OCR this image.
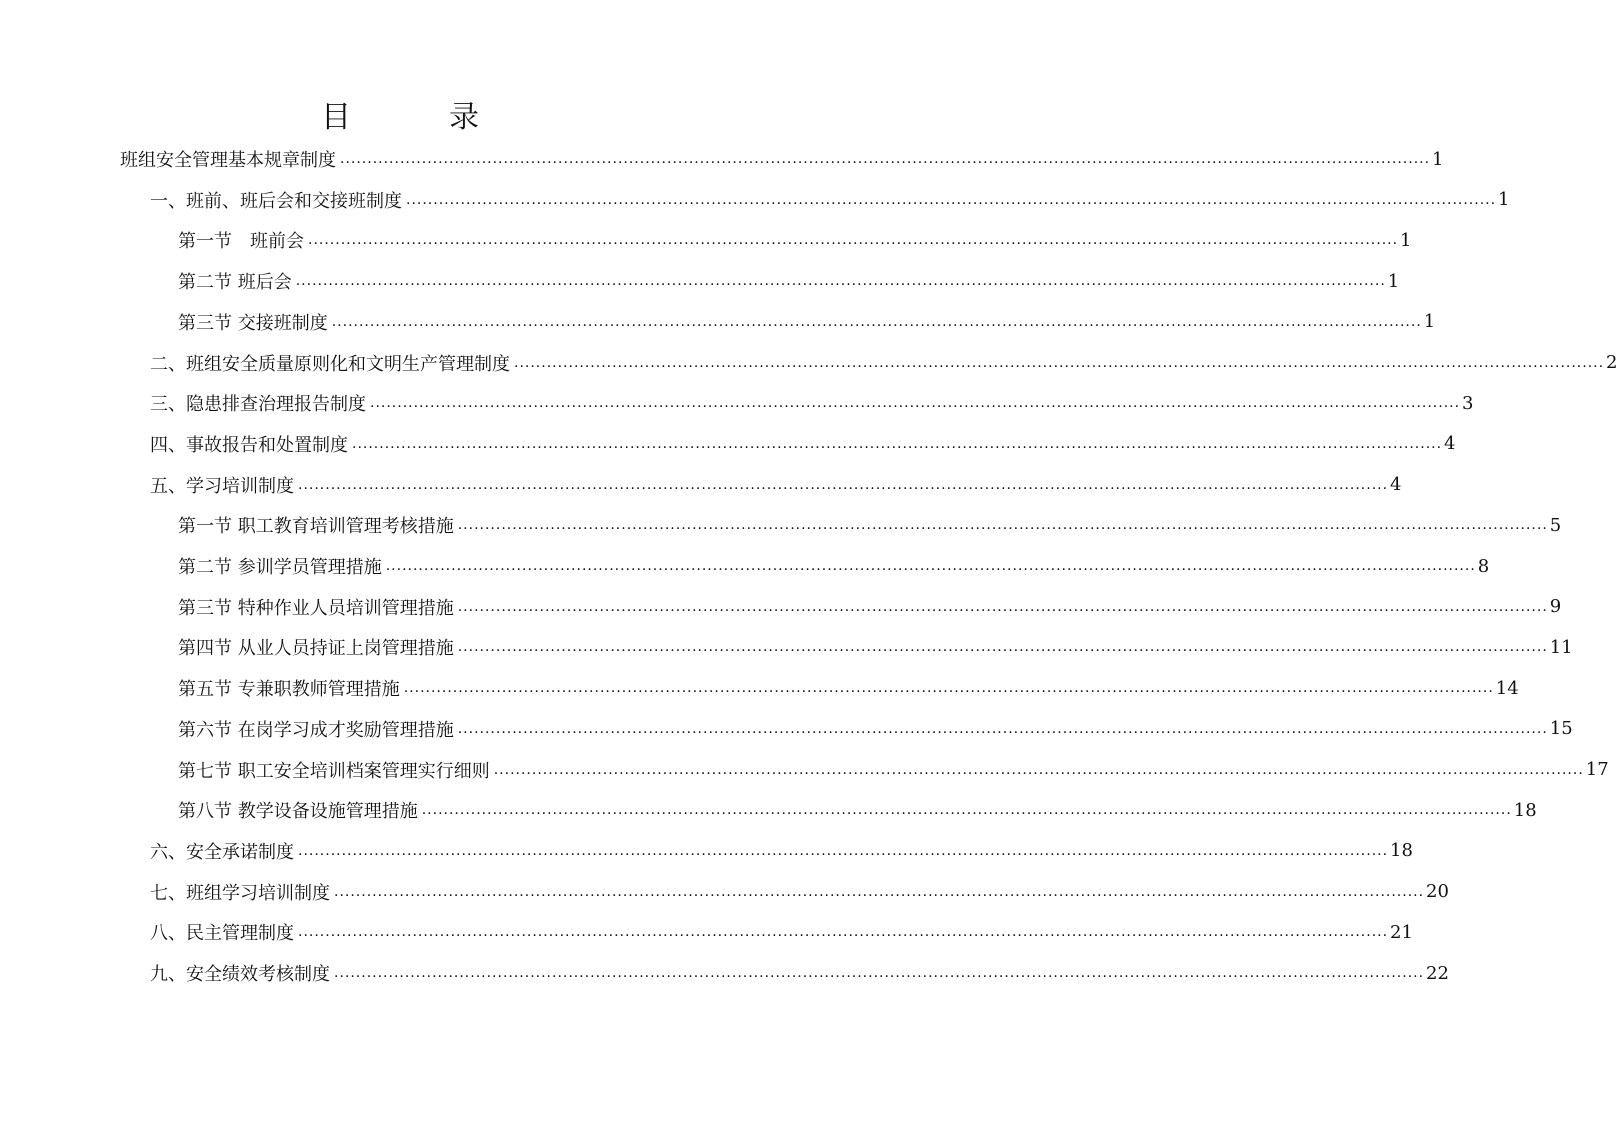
目　录
班组安全管理基本规章制度 ........................................................................................................................................................................................................ 1
一、班前、班后会和交接班制度 ........................................................................................................................................................................................................ 1
第一节　班前会 ........................................................................................................................................................................................................ 1
第二节 班后会 ........................................................................................................................................................................................................ 1
第三节 交接班制度 ........................................................................................................................................................................................................ 1
二、班组安全质量原则化和文明生产管理制度 ........................................................................................................................................................................................................ 2
三、隐患排查治理报告制度 ........................................................................................................................................................................................................ 3
四、事故报告和处置制度 ........................................................................................................................................................................................................ 4
五、学习培训制度 ........................................................................................................................................................................................................ 4
第一节 职工教育培训管理考核措施 ........................................................................................................................................................................................................ 5
第二节 参训学员管理措施 ........................................................................................................................................................................................................ 8
第三节 特种作业人员培训管理措施 ........................................................................................................................................................................................................ 9
第四节 从业人员持证上岗管理措施 ........................................................................................................................................................................................................ 11
第五节 专兼职教师管理措施 ........................................................................................................................................................................................................ 14
第六节 在岗学习成才奖励管理措施 ........................................................................................................................................................................................................ 15
第七节 职工安全培训档案管理实行细则 ........................................................................................................................................................................................................ 17
第八节 教学设备设施管理措施 ........................................................................................................................................................................................................ 18
六、安全承诺制度 ........................................................................................................................................................................................................ 18
七、班组学习培训制度 ........................................................................................................................................................................................................ 20
八、民主管理制度 ........................................................................................................................................................................................................ 21
九、安全绩效考核制度 ........................................................................................................................................................................................................ 22
